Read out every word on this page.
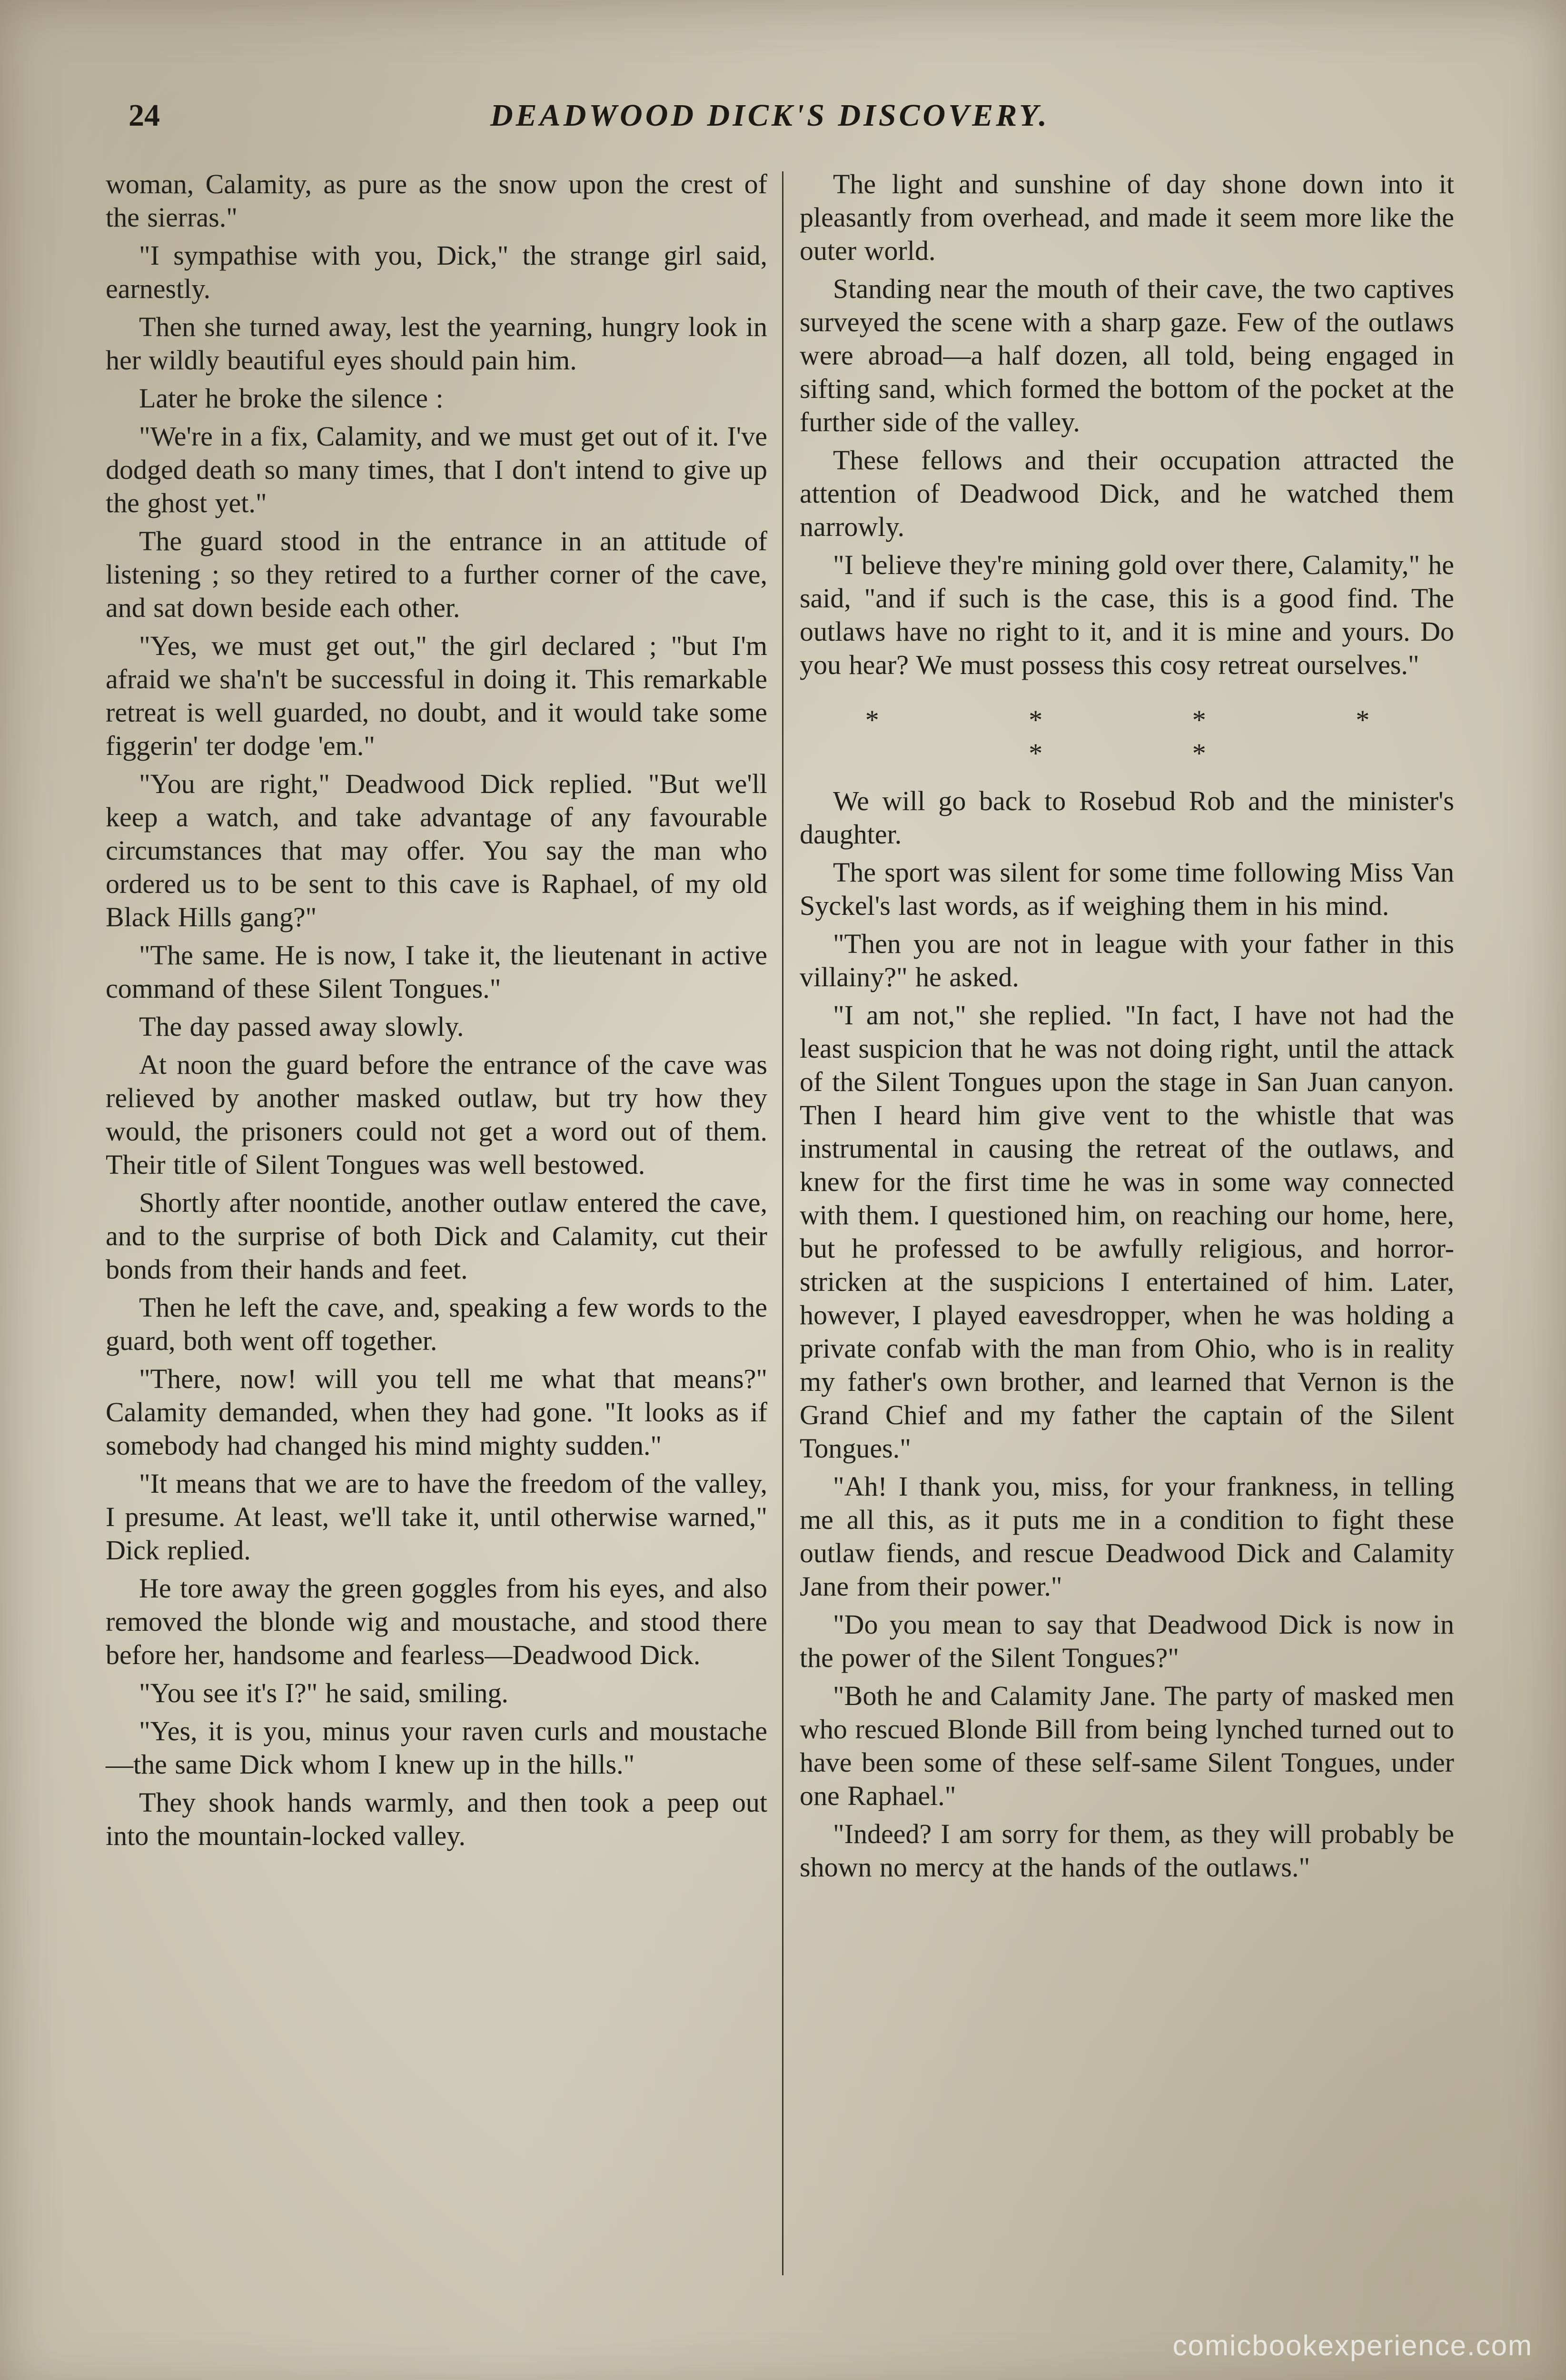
24	DEADWOOD DICK'S DISCOVERY.

woman, Calamity, as pure as the snow upon the crest of the sierras."

"I sympathise with you, Dick," the strange girl said, earnestly.

Then she turned away, lest the yearning, hungry look in her wildly beautiful eyes should pain him.

Later he broke the silence :

"We're in a fix, Calamity, and we must get out of it. I've dodged death so many times, that I don't intend to give up the ghost yet."

The guard stood in the entrance in an attitude of listening ; so they retired to a further corner of the cave, and sat down beside each other.

"Yes, we must get out," the girl declared ; "but I'm afraid we sha'n't be successful in doing it. This remarkable retreat is well guarded, no doubt, and it would take some figgerin' ter dodge 'em."

"You are right," Deadwood Dick replied. "But we'll keep a watch, and take advantage of any favourable circumstances that may offer. You say the man who ordered us to be sent to this cave is Raphael, of my old Black Hills gang?"

"The same. He is now, I take it, the lieutenant in active command of these Silent Tongues."

The day passed away slowly.

At noon the guard before the entrance of the cave was relieved by another masked outlaw, but try how they would, the prisoners could not get a word out of them. Their title of Silent Tongues was well bestowed.

Shortly after noontide, another outlaw entered the cave, and to the surprise of both Dick and Calamity, cut their bonds from their hands and feet.

Then he left the cave, and, speaking a few words to the guard, both went off together.

"There, now! will you tell me what that means?" Calamity demanded, when they had gone. "It looks as if somebody had changed his mind mighty sudden."

"It means that we are to have the freedom of the valley, I presume. At least, we'll take it, until otherwise warned," Dick replied.

He tore away the green goggles from his eyes, and also removed the blonde wig and moustache, and stood there before her, handsome and fearless—Deadwood Dick.

"You see it's I?" he said, smiling.

"Yes, it is you, minus your raven curls and moustache—the same Dick whom I knew up in the hills."

They shook hands warmly, and then took a peep out into the mountain-locked valley.

The light and sunshine of day shone down into it pleasantly from overhead, and made it seem more like the outer world.

Standing near the mouth of their cave, the two captives surveyed the scene with a sharp gaze. Few of the outlaws were abroad—a half dozen, all told, being engaged in sifting sand, which formed the bottom of the pocket at the further side of the valley.

These fellows and their occupation attracted the attention of Deadwood Dick, and he watched them narrowly.

"I believe they're mining gold over there, Calamity," he said, "and if such is the case, this is a good find. The outlaws have no right to it, and it is mine and yours. Do you hear? We must possess this cosy retreat ourselves."

* * * * * *

We will go back to Rosebud Rob and the minister's daughter.

The sport was silent for some time following Miss Van Syckel's last words, as if weighing them in his mind.

"Then you are not in league with your father in this villainy?" he asked.

"I am not," she replied. "In fact, I have not had the least suspicion that he was not doing right, until the attack of the Silent Tongues upon the stage in San Juan canyon. Then I heard him give vent to the whistle that was instrumental in causing the retreat of the outlaws, and knew for the first time he was in some way connected with them. I questioned him, on reaching our home, here, but he professed to be awfully religious, and horror-stricken at the suspicions I entertained of him. Later, however, I played eavesdropper, when he was holding a private confab with the man from Ohio, who is in reality my father's own brother, and learned that Vernon is the Grand Chief and my father the captain of the Silent Tongues."

"Ah! I thank you, miss, for your frankness, in telling me all this, as it puts me in a condition to fight these outlaw fiends, and rescue Deadwood Dick and Calamity Jane from their power."

"Do you mean to say that Deadwood Dick is now in the power of the Silent Tongues?"

"Both he and Calamity Jane. The party of masked men who rescued Blonde Bill from being lynched turned out to have been some of these self-same Silent Tongues, under one Raphael."

"Indeed? I am sorry for them, as they will probably be shown no mercy at the hands of the outlaws."

comicbookexperience.com
